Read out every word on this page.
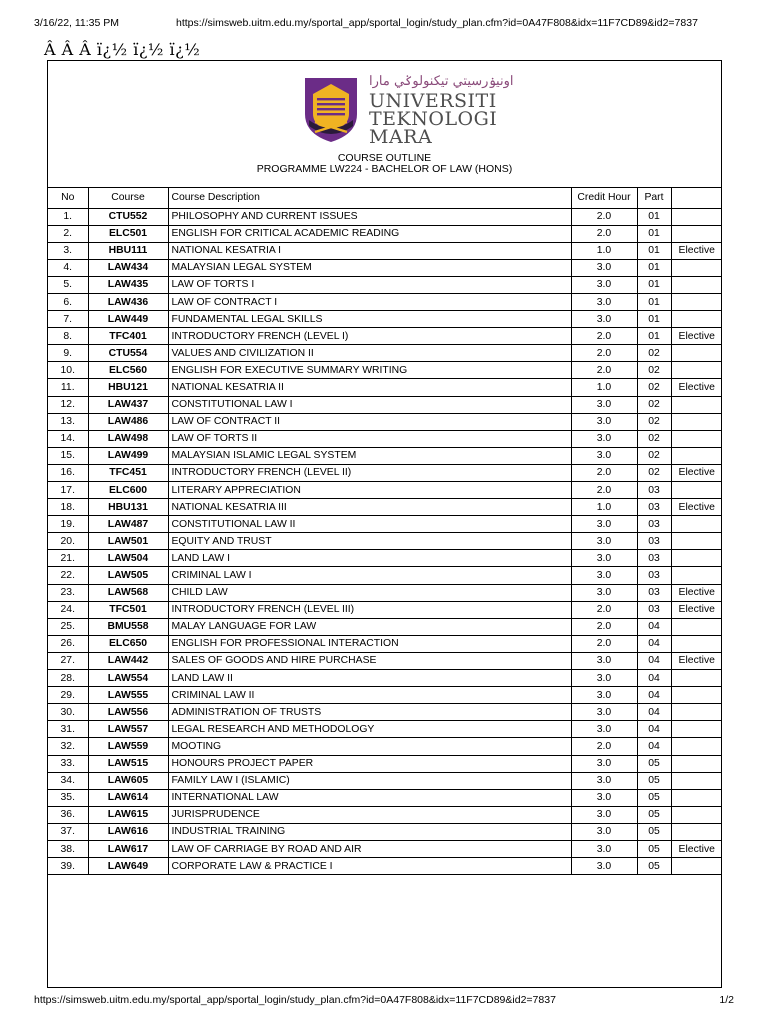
3/16/22, 11:35 PM	https://simsweb.uitm.edu.my/sportal_app/sportal_login/study_plan.cfm?id=0A47F808&idx=11F7CD89&id2=7837
Â Â Â ï¿½ ï¿½ ï¿½
اونيۏرسيتي تيكنولوݢي مارا
UNIVERSITI
TEKNOLOGI
MARA
COURSE OUTLINE
PROGRAMME LW224 - BACHELOR OF LAW (HONS)
No	Course	Course Description	Credit Hour	Part	
1.	CTU552	PHILOSOPHY AND CURRENT ISSUES	2.0	01	
2.	ELC501	ENGLISH FOR CRITICAL ACADEMIC READING	2.0	01	
3.	HBU111	NATIONAL KESATRIA I	1.0	01	Elective
4.	LAW434	MALAYSIAN LEGAL SYSTEM	3.0	01	
5.	LAW435	LAW OF TORTS I	3.0	01	
6.	LAW436	LAW OF CONTRACT I	3.0	01	
7.	LAW449	FUNDAMENTAL LEGAL SKILLS	3.0	01	
8.	TFC401	INTRODUCTORY FRENCH (LEVEL I)	2.0	01	Elective
9.	CTU554	VALUES AND CIVILIZATION II	2.0	02	
10.	ELC560	ENGLISH FOR EXECUTIVE SUMMARY WRITING	2.0	02	
11.	HBU121	NATIONAL KESATRIA II	1.0	02	Elective
12.	LAW437	CONSTITUTIONAL LAW I	3.0	02	
13.	LAW486	LAW OF CONTRACT II	3.0	02	
14.	LAW498	LAW OF TORTS II	3.0	02	
15.	LAW499	MALAYSIAN ISLAMIC LEGAL SYSTEM	3.0	02	
16.	TFC451	INTRODUCTORY FRENCH (LEVEL II)	2.0	02	Elective
17.	ELC600	LITERARY APPRECIATION	2.0	03	
18.	HBU131	NATIONAL KESATRIA III	1.0	03	Elective
19.	LAW487	CONSTITUTIONAL LAW II	3.0	03	
20.	LAW501	EQUITY AND TRUST	3.0	03	
21.	LAW504	LAND LAW I	3.0	03	
22.	LAW505	CRIMINAL LAW I	3.0	03	
23.	LAW568	CHILD LAW	3.0	03	Elective
24.	TFC501	INTRODUCTORY FRENCH (LEVEL III)	2.0	03	Elective
25.	BMU558	MALAY LANGUAGE FOR LAW	2.0	04	
26.	ELC650	ENGLISH FOR PROFESSIONAL INTERACTION	2.0	04	
27.	LAW442	SALES OF GOODS AND HIRE PURCHASE	3.0	04	Elective
28.	LAW554	LAND LAW II	3.0	04	
29.	LAW555	CRIMINAL LAW II	3.0	04	
30.	LAW556	ADMINISTRATION OF TRUSTS	3.0	04	
31.	LAW557	LEGAL RESEARCH AND METHODOLOGY	3.0	04	
32.	LAW559	MOOTING	2.0	04	
33.	LAW515	HONOURS PROJECT PAPER	3.0	05	
34.	LAW605	FAMILY LAW I (ISLAMIC)	3.0	05	
35.	LAW614	INTERNATIONAL LAW	3.0	05	
36.	LAW615	JURISPRUDENCE	3.0	05	
37.	LAW616	INDUSTRIAL TRAINING	3.0	05	
38.	LAW617	LAW OF CARRIAGE BY ROAD AND AIR	3.0	05	Elective
39.	LAW649	CORPORATE LAW & PRACTICE I	3.0	05	
https://simsweb.uitm.edu.my/sportal_app/sportal_login/study_plan.cfm?id=0A47F808&idx=11F7CD89&id2=7837	1/2
